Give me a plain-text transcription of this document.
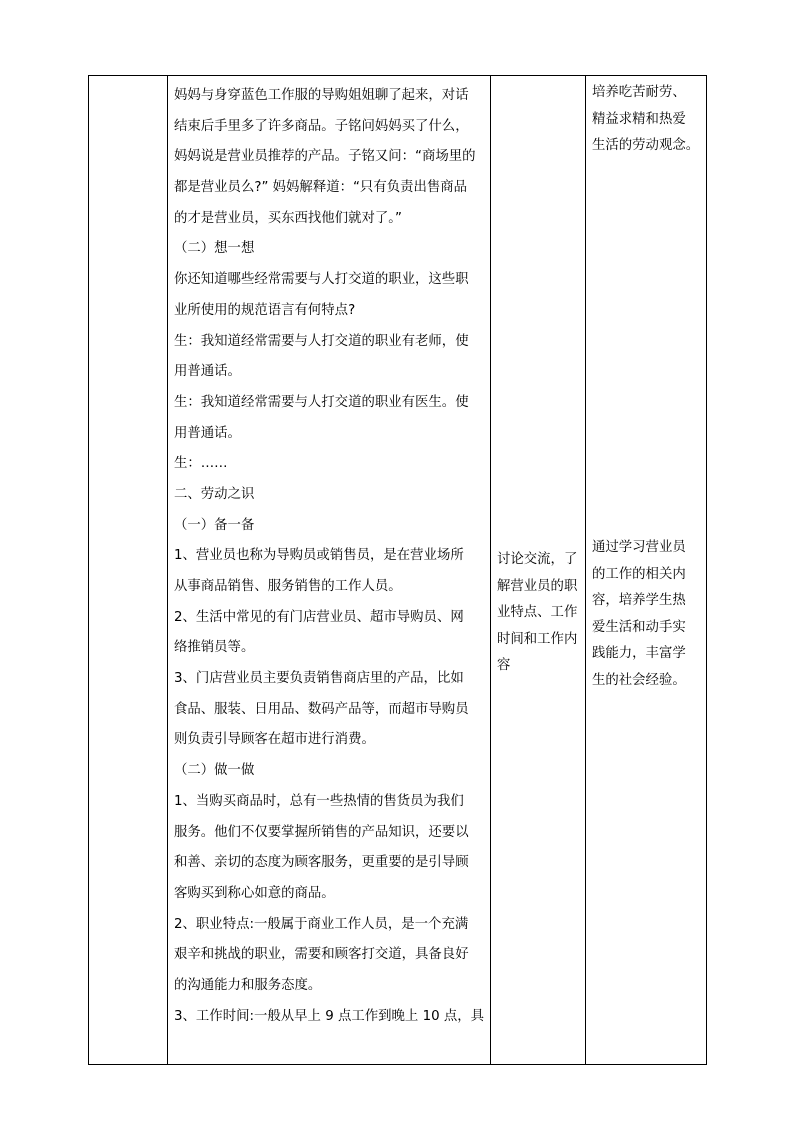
妈妈与身穿蓝色工作服的导购姐姐聊了起来，对话
结束后手里多了许多商品。子铭问妈妈买了什么，
妈妈说是营业员推荐的产品。子铭又问：“商场里的
都是营业员么?” 妈妈解释道：“只有负责出售商品
的才是营业员，买东西找他们就对了。”
（二）想一想
你还知道哪些经常需要与人打交道的职业，这些职
业所使用的规范语言有何特点?
生：我知道经常需要与人打交道的职业有老师，使
用普通话。
生：我知道经常需要与人打交道的职业有医生。使
用普通话。
生：……
二、劳动之识
（一）备一备
1、营业员也称为导购员或销售员，是在营业场所
从事商品销售、服务销售的工作人员。
2、生活中常见的有门店营业员、超市导购员、网
络推销员等。
3、门店营业员主要负责销售商店里的产品，比如
食品、服装、日用品、数码产品等，而超市导购员
则负责引导顾客在超市进行消费。
（二）做一做
1、当购买商品时，总有一些热情的售货员为我们
服务。他们不仅要掌握所销售的产品知识，还要以
和善、亲切的态度为顾客服务，更重要的是引导顾
客购买到称心如意的商品。
2、职业特点:一般属于商业工作人员，是一个充满
艰辛和挑战的职业，需要和顾客打交道，具备良好
的沟通能力和服务态度。
3、工作时间:一般从早上 9 点工作到晚上 10 点，具
讨论交流，了
解营业员的职
业特点、工作
时间和工作内
容
培养吃苦耐劳、
精益求精和热爱
生活的劳动观念。
通过学习营业员
的工作的相关内
容，培养学生热
爱生活和动手实
践能力，丰富学
生的社会经验。
